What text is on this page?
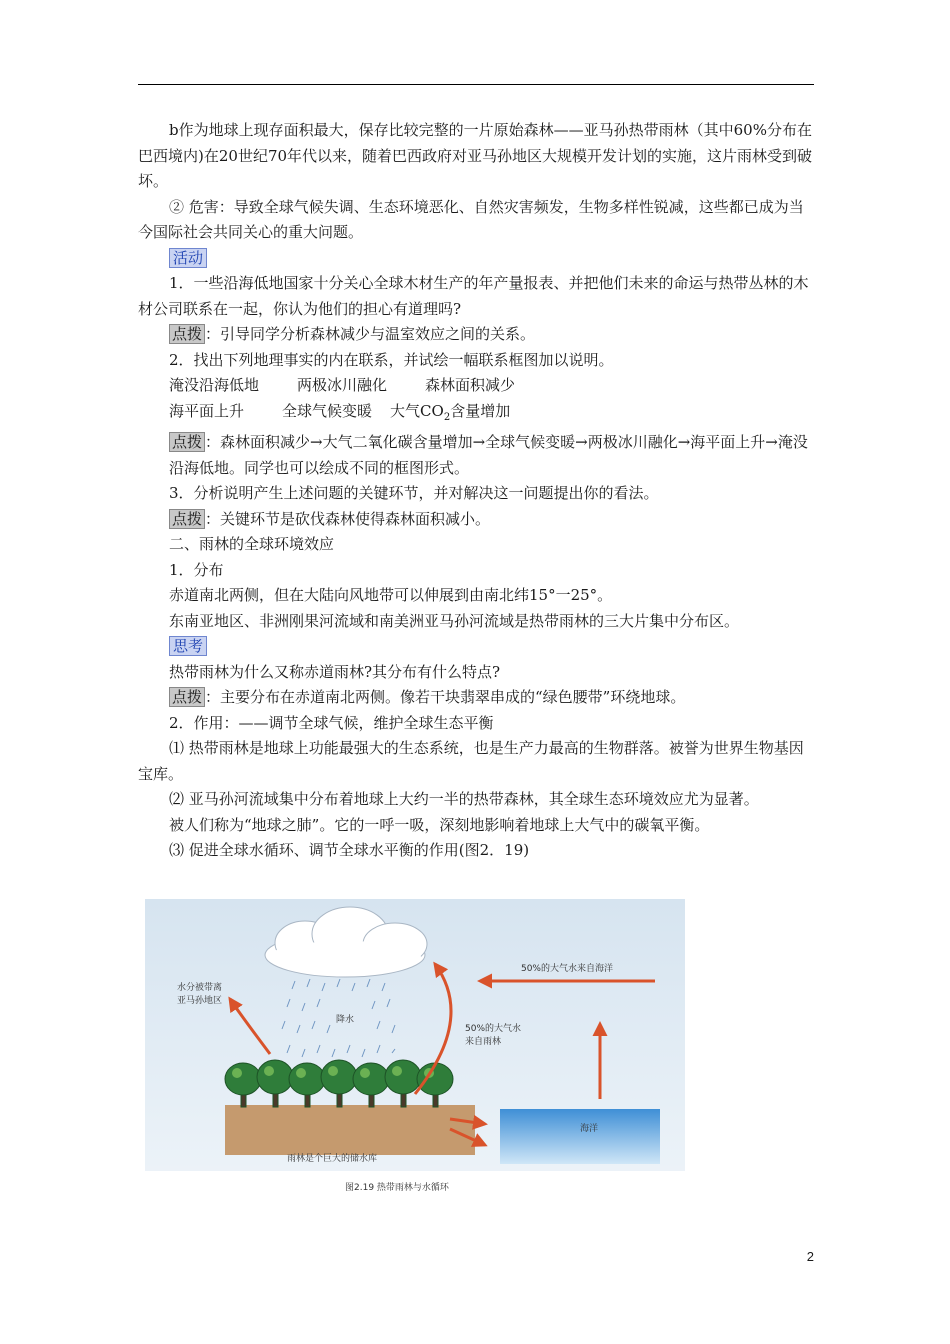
b作为地球上现存面积最大，保存比较完整的一片原始森林——亚马孙热带雨林（其中60%分布在巴西境内)在20世纪70年代以来，随着巴西政府对亚马孙地区大规模开发计划的实施，这片雨林受到破坏。

② 危害：导致全球气候失调、生态环境恶化、自然灾害频发，生物多样性锐减，这些都已成为当今国际社会共同关心的重大问题。

活动

1．一些沿海低地国家十分关心全球木材生产的年产量报表、并把他们未来的命运与热带丛林的木材公司联系在一起，你认为他们的担心有道理吗?

点拨 ：引导同学分析森林减少与温室效应之间的关系。

2．找出下列地理事实的内在联系，并试绘一幅联系框图加以说明。

淹没沿海低地	两极冰川融化	森林面积减少

海平面上升	全球气候变暖 大气$CO_2$含量增加

点拨 ：森林面积减少→大气二氧化碳含量增加→全球气候变暖→两极冰川融化→海平面上升→淹没沿海低地。同学也可以绘成不同的框图形式。

3．分析说明产生上述问题的关键环节，并对解决这一问题提出你的看法。

点拨 ：关键环节是砍伐森林使得森林面积减小。

二、雨林的全球环境效应

1．分布

赤道南北两侧，但在大陆向风地带可以伸展到由南北纬15°一25°。

东南亚地区、非洲刚果河流域和南美洲亚马孙河流域是热带雨林的三大片集中分布区。

思考

热带雨林为什么又称赤道雨林?其分布有什么特点?

点拨 ：主要分布在赤道南北两侧。像若干块翡翠串成的“绿色腰带”环绕地球。

2．作用：——调节全球气候，维护全球生态平衡

⑴ 热带雨林是地球上功能最强大的生态系统，也是生产力最高的生物群落。被誉为世界生物基因宝库。

⑵ 亚马孙河流域集中分布着地球上大约一半的热带森林，其全球生态环境效应尤为显著。

被人们称为“地球之肺”。它的一呼一吸，深刻地影响着地球上大气中的碳氧平衡。

⑶ 促进全球水循环、调节全球水平衡的作用(图2．19)

降水
海洋
50%的大气水来自海洋
水分被带离
亚马孙地区
50%的大气水
来自雨林
雨林是个巨大的储水库
图2.19 热带雨林与水循环
2
